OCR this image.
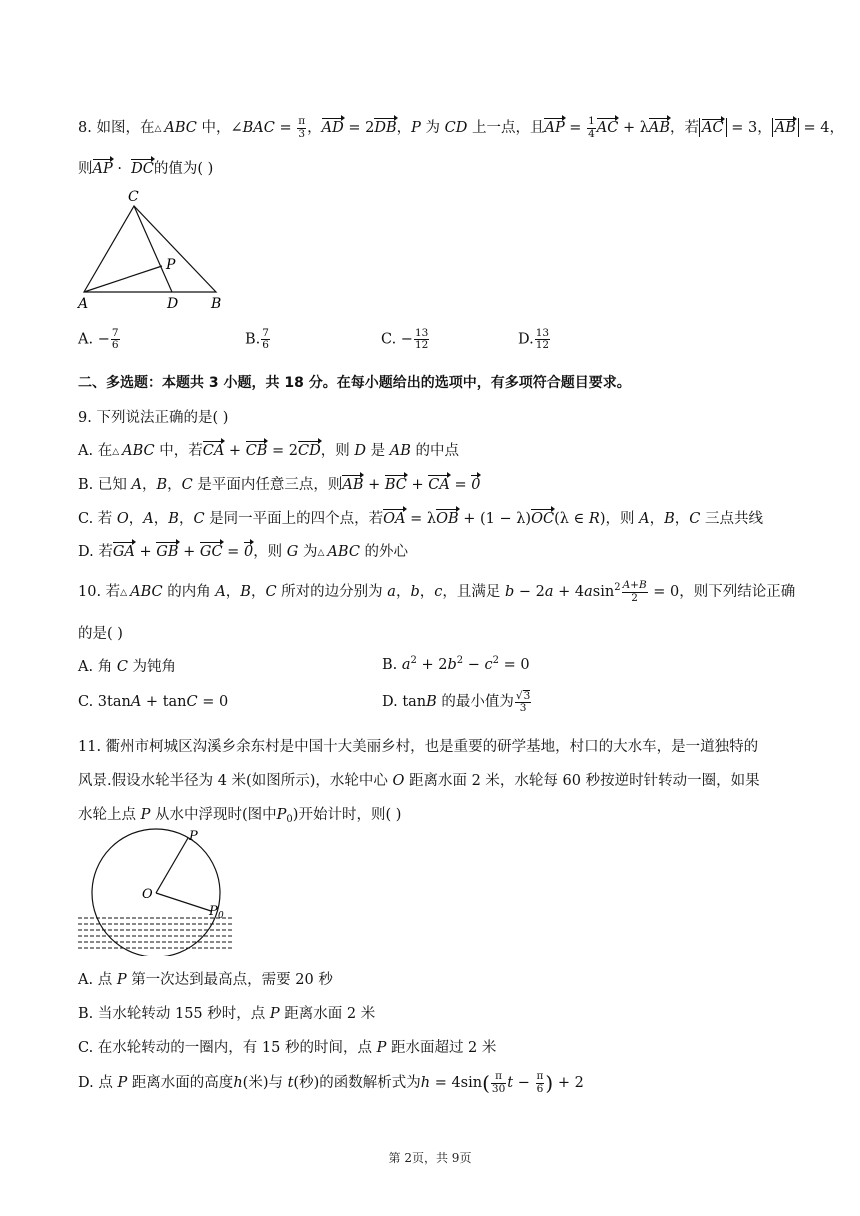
8. 如图，在△ ABC 中，∠BAC = $\frac{\pi}{3}$ ，AD = 2DB，P 为 CD 上一点，且AP = $\frac{1}{4}$ AC + λAB，若 AC = 3， AB = 4，
则AP ·  DC的值为( )
C
P
A	D B
A. − $\frac{7}{6}$	B. $\frac{7}{6}$	C. − $\frac{13}{12}$	D. $\frac{13}{12}$
二、多选题：本题共 3 小题，共 18 分。在每小题给出的选项中，有多项符合题目要求。
9. 下列说法正确的是( )
A. 在△ ABC 中，若CA + CB = 2CD，则 D 是 AB 的中点
B. 已知 A，B，C 是平面内任意三点，则AB + BC + CA = 0
C. 若 O，A，B，C 是同一平面上的四个点，若OA = λOB + (1 − λ)OC(λ ∈ R)，则 A，B，C 三点共线
D. 若GA + GB + GC = 0，则 G 为△ ABC 的外心
10. 若△ ABC 的内角 A，B，C 所对的边分别为 a，b，c，且满足 $b - 2a + 4asin^2 \frac{A+B}{2} = 0$，则下列结论正确
的是( )
A. 角 C 为钝角	B. $a^2 + 2b^2 - c^2 = 0$
C. 3tanA + tanC = 0	D. tanB 的最小值为 $\frac{√3}{3}$
11. 衢州市柯城区沟溪乡余东村是中国十大美丽乡村，也是重要的研学基地，村口的大水车，是一道独特的
风景.假设水轮半径为 4 米(如图所示)，水轮中心 O 距离水面 2 米，水轮每 60 秒按逆时针转动一圈，如果
水轮上点 P 从水中浮现时(图中$P_0$)开始计时，则( )
P
O
P 0
A. 点 P 第一次达到最高点，需要 20 秒
B. 当水轮转动 155 秒时，点 P 距离水面 2 米
C. 在水轮转动的一圈内，有 15 秒的时间，点 P 距水面超过 2 米
D. 点 P 距离水面的高度h(米)与 t(秒)的函数解析式为$h = 4\sin( \frac{\pi}{30}$ $t - \frac{\pi}{6}$ ) + 2
第 2页，共 9页
